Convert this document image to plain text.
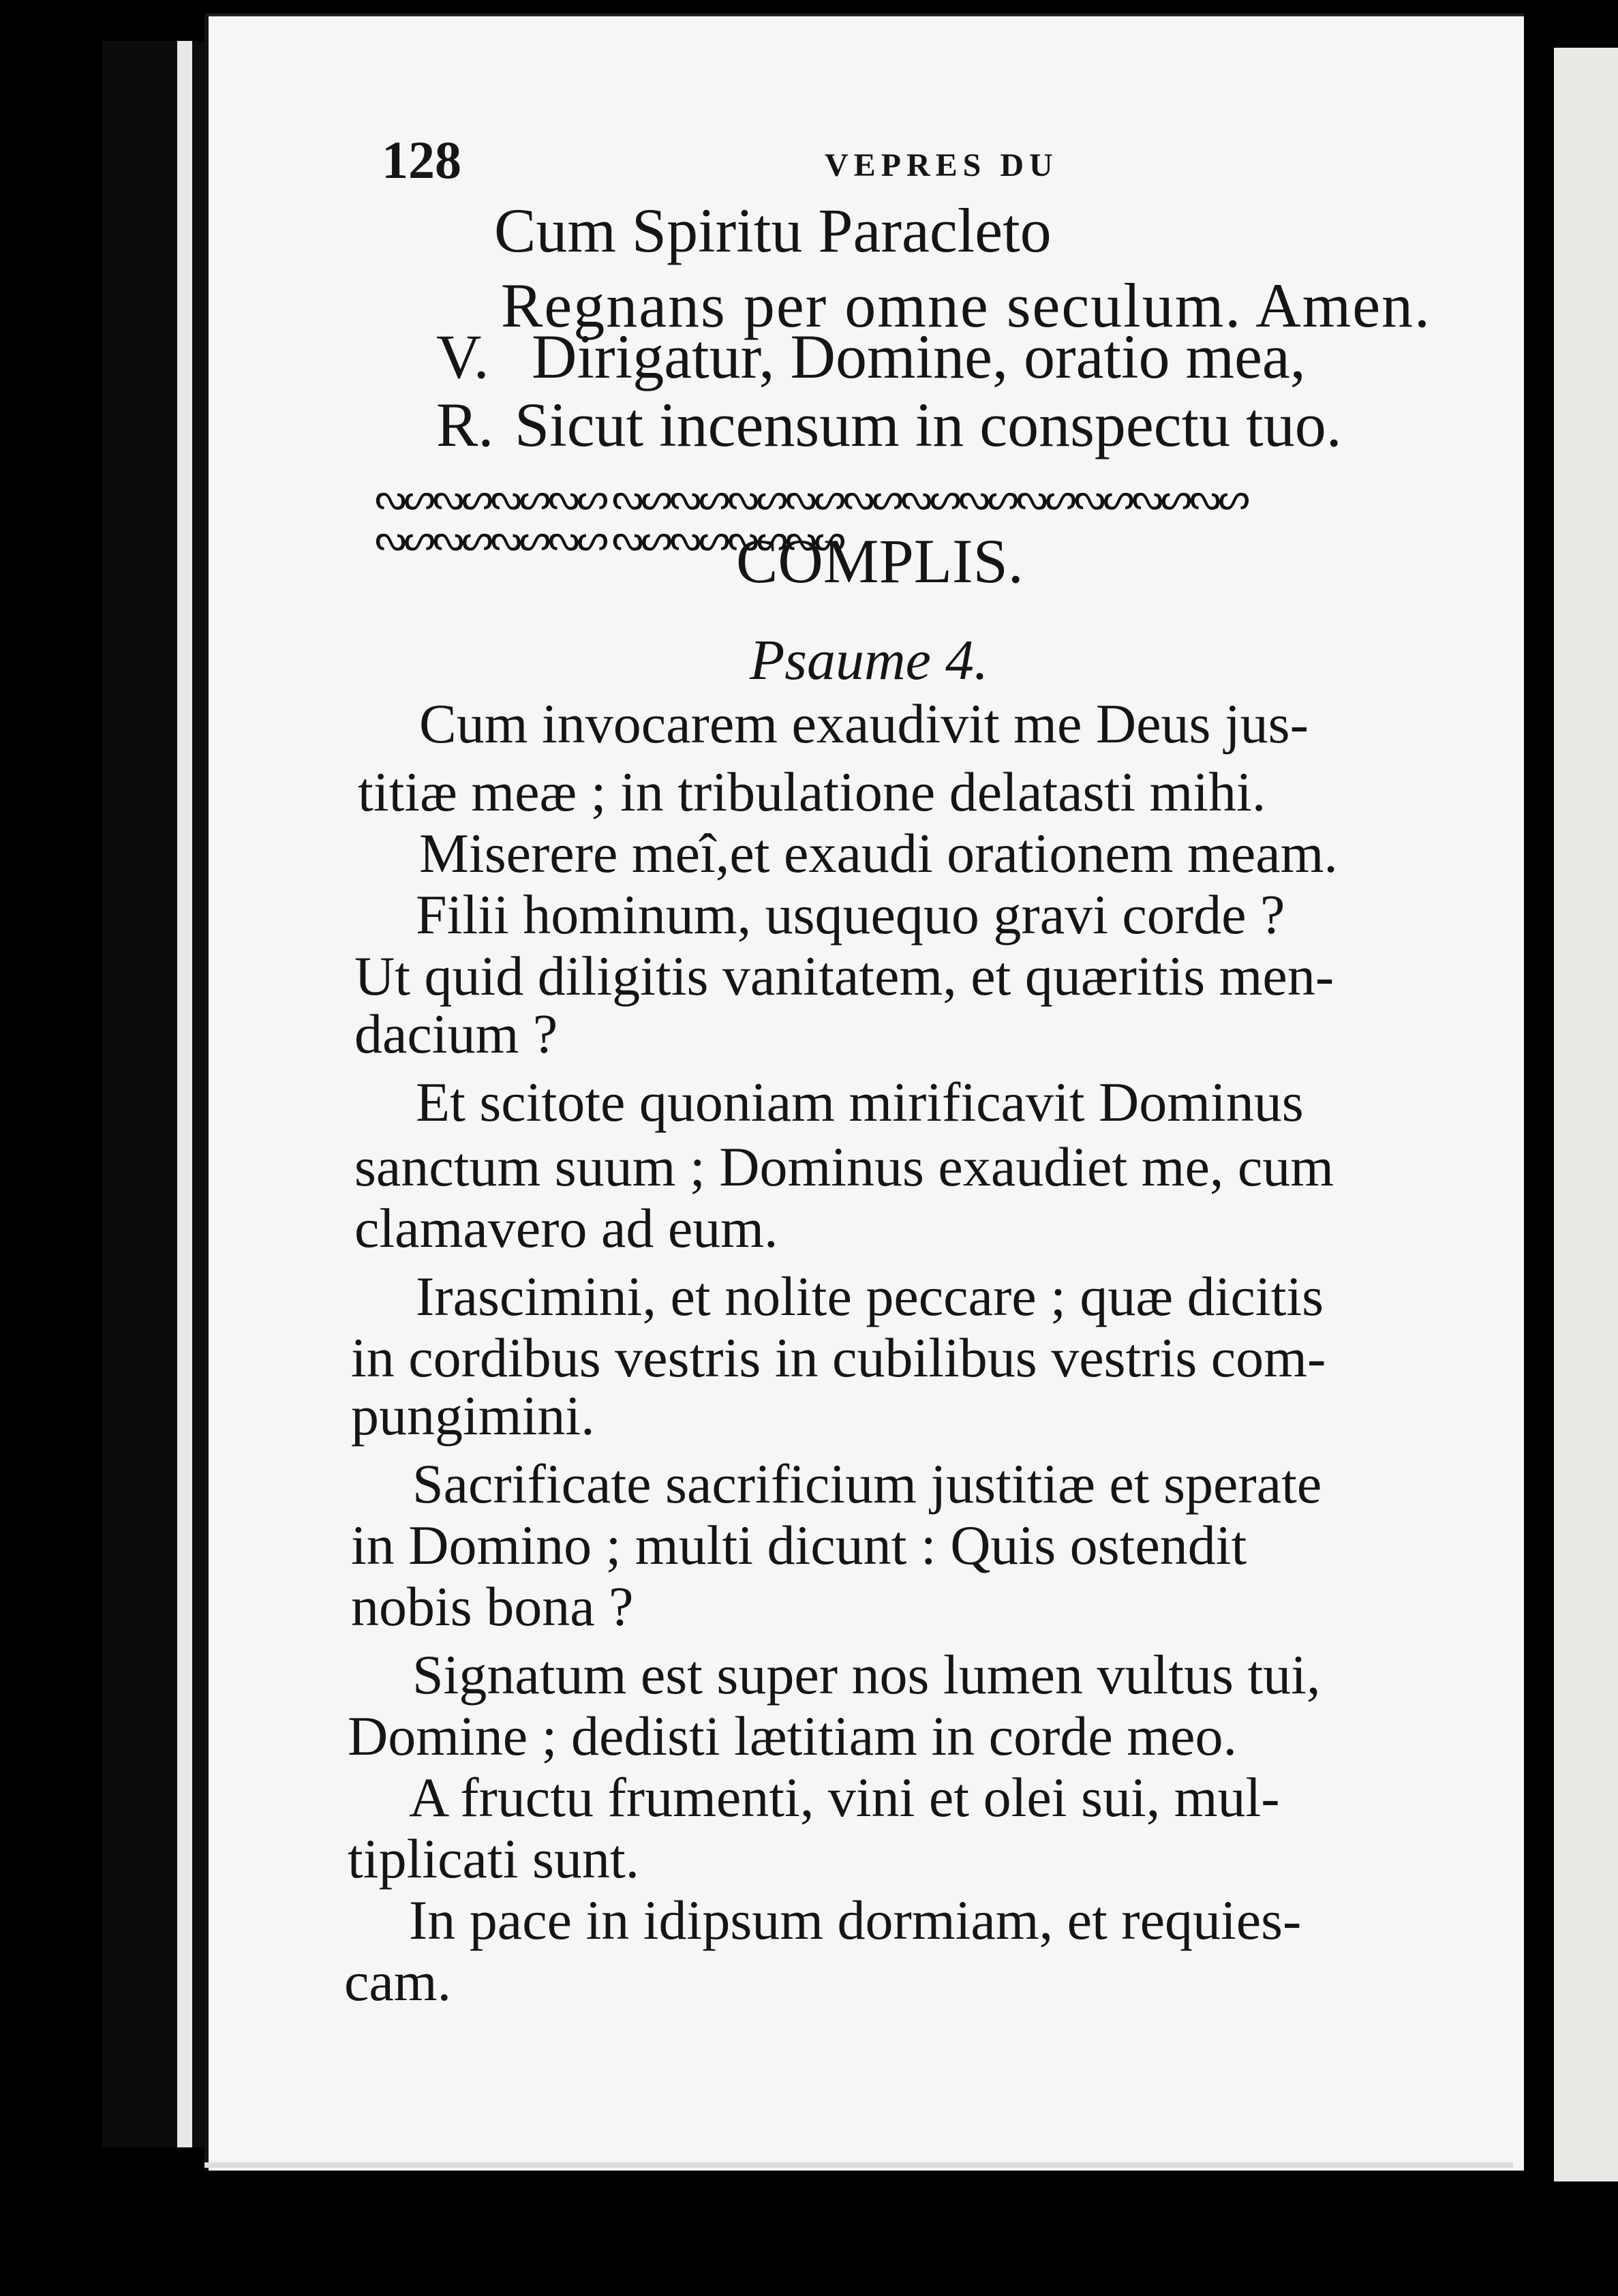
128	VEPRES DU
Cum Spiritu Paracleto
Regnans per omne seculum. Amen.
V. Dirigatur, Domine, oratio mea,
R. Sicut incensum in conspectu tuo.
ᔓᔕᔓᔕᔓᔕᔓᔕ ᔓᔕᔓᔕᔓᔕᔓᔕᔓᔕᔓᔕᔓᔕᔓᔕᔓᔕᔓᔕᔓᔕ ᔓᔕᔓᔕᔓᔕᔓᔕ ᔓᔕᔓᔕᔓᔕᔓᔕ
COMPLIS.
Psaume 4.
Cum invocarem exaudivit me Deus jus-
titiæ meæ ; in tribulatione delatasti mihi.
Miserere meî,et exaudi orationem meam.
Filii hominum, usquequo gravi corde ?
Ut quid diligitis vanitatem, et quæritis men-
dacium ?
Et scitote quoniam mirificavit Dominus
sanctum suum ; Dominus exaudiet me, cum
clamavero ad eum.
Irascimini, et nolite peccare ; quæ dicitis
in cordibus vestris in cubilibus vestris com-
pungimini.
Sacrificate sacrificium justitiæ et sperate
in Domino ; multi dicunt : Quis ostendit
nobis bona ?
Signatum est super nos lumen vultus tui,
Domine ; dedisti lætitiam in corde meo.
A fructu frumenti, vini et olei sui, mul-
tiplicati sunt.
In pace in idipsum dormiam, et requies-
cam.
